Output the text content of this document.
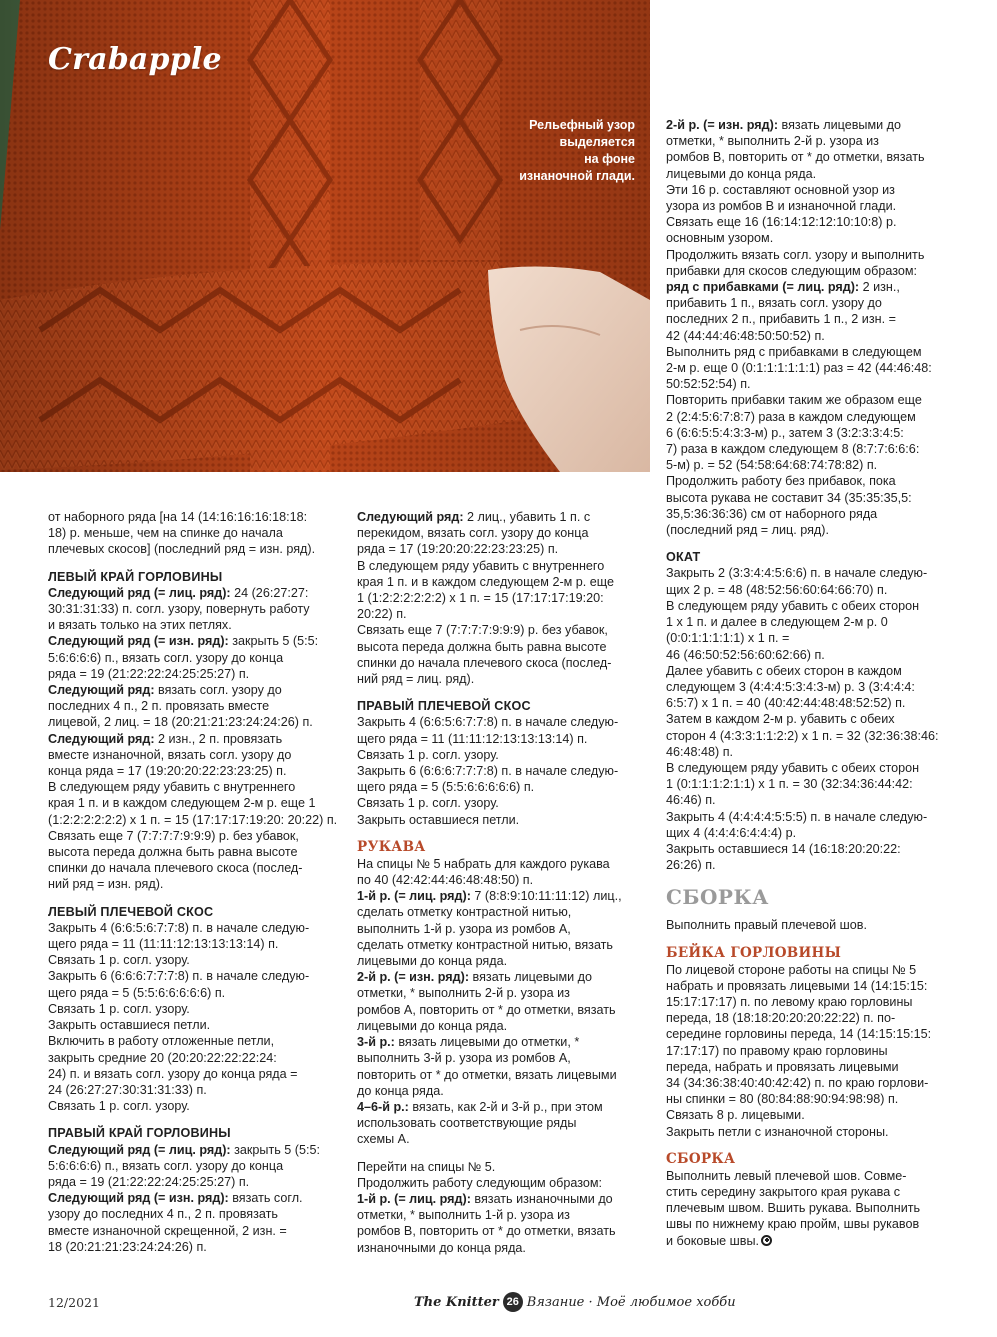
Crabapple
Рельефный узор
выделяется
на фоне
изнаночной глади.

от наборного ряда [на 14 (14:16:16:16:18:18:

18) р. меньше, чем на спинке до начала

плечевых скосов] (последний ряд = изн. ряд).

ЛЕВЫЙ КРАЙ ГОРЛОВИНЫ

Следующий ряд (= лиц. ряд): 24 (26:27:27:

30:31:31:33) п. согл. узору, повернуть работу

и вязать только на этих петлях.

Следующий ряд (= изн. ряд): закрыть 5 (5:5:

5:6:6:6:6) п., вязать согл. узору до конца

ряда = 19 (21:22:22:24:25:25:27) п.

Следующий ряд: вязать согл. узору до

последних 4 п., 2 п. провязать вместе

лицевой, 2 лиц. = 18 (20:21:21:23:24:24:26) п.

Следующий ряд: 2 изн., 2 п. провязать

вместе изнаночной, вязать согл. узору до

конца ряда = 17 (19:20:20:22:23:23:25) п.

В следующем ряду убавить с внутреннего

края 1 п. и в каждом следующем 2-м р. еще 1

(1:2:2:2:2:2:2) х 1 п. = 15 (17:17:17:19:20: 20:22) п.

Связать еще 7 (7:7:7:7:9:9:9) р. без убавок,

высота переда должна быть равна высоте

спинки до начала плечевого скоса (послед-

ний ряд = изн. ряд).

ЛЕВЫЙ ПЛЕЧЕВОЙ СКОС

Закрыть 4 (6:6:5:6:7:7:8) п. в начале следую-

щего ряда = 11 (11:11:12:13:13:13:14) п.

Связать 1 р. согл. узору.

Закрыть 6 (6:6:6:7:7:7:8) п. в начале следую-

щего ряда = 5 (5:5:6:6:6:6:6) п.

Связать 1 р. согл. узору.

Закрыть оставшиеся петли.

Включить в работу отложенные петли,

закрыть средние 20 (20:20:22:22:22:24:

24) п. и вязать согл. узору до конца ряда =

24 (26:27:27:30:31:31:33) п.

Связать 1 р. согл. узору.

ПРАВЫЙ КРАЙ ГОРЛОВИНЫ

Следующий ряд (= лиц. ряд): закрыть 5 (5:5:

5:6:6:6:6) п., вязать согл. узору до конца

ряда = 19 (21:22:22:24:25:25:27) п.

Следующий ряд (= изн. ряд): вязать согл.

узору до последних 4 п., 2 п. провязать

вместе изнаночной скрещенной, 2 изн. =

18 (20:21:21:23:24:24:26) п.

Следующий ряд: 2 лиц., убавить 1 п. с

перекидом, вязать согл. узору до конца

ряда = 17 (19:20:20:22:23:23:25) п.

В следующем ряду убавить с внутреннего

края 1 п. и в каждом следующем 2-м р. еще

1 (1:2:2:2:2:2:2) х 1 п. = 15 (17:17:17:19:20:

20:22) п.

Связать еще 7 (7:7:7:7:9:9:9) р. без убавок,

высота переда должна быть равна высоте

спинки до начала плечевого скоса (послед-

ний ряд = лиц. ряд).

ПРАВЫЙ ПЛЕЧЕВОЙ СКОС

Закрыть 4 (6:6:5:6:7:7:8) п. в начале следую-

щего ряда = 11 (11:11:12:13:13:13:14) п.

Связать 1 р. согл. узору.

Закрыть 6 (6:6:6:7:7:7:8) п. в начале следую-

щего ряда = 5 (5:5:6:6:6:6:6) п.

Связать 1 р. согл. узору.

Закрыть оставшиеся петли.

РУКАВА

На спицы № 5 набрать для каждого рукава

по 40 (42:42:44:46:48:48:50) п.

1-й р. (= лиц. ряд): 7 (8:8:9:10:11:11:12) лиц.,

сделать отметку контрастной нитью,

выполнить 1-й р. узора из ромбов А,

сделать отметку контрастной нитью, вязать

лицевыми до конца ряда.

2-й р. (= изн. ряд): вязать лицевыми до

отметки, * выполнить 2-й р. узора из

ромбов А, повторить от * до отметки, вязать

лицевыми до конца ряда.

3-й р.: вязать лицевыми до отметки, *

выполнить 3-й р. узора из ромбов А,

повторить от * до отметки, вязать лицевыми

до конца ряда.

4–6-й р.: вязать, как 2-й и 3-й р., при этом

использовать соответствующие ряды

схемы А.

Перейти на спицы № 5.

Продолжить работу следующим образом:

1-й р. (= лиц. ряд): вязать изнаночными до

отметки, * выполнить 1-й р. узора из

ромбов В, повторить от * до отметки, вязать

изнаночными до конца ряда.

2-й р. (= изн. ряд): вязать лицевыми до

отметки, * выполнить 2-й р. узора из

ромбов В, повторить от * до отметки, вязать

лицевыми до конца ряда.

Эти 16 р. составляют основной узор из

узора из ромбов В и изнаночной глади.

Связать еще 16 (16:14:12:12:10:10:8) р.

основным узором.

Продолжить вязать согл. узору и выполнить

прибавки для скосов следующим образом:

ряд с прибавками (= лиц. ряд): 2 изн.,

прибавить 1 п., вязать согл. узору до

последних 2 п., прибавить 1 п., 2 изн. =

42 (44:44:46:48:50:50:52) п.

Выполнить ряд с прибавками в следующем

2-м р. еще 0 (0:1:1:1:1:1:1) раз = 42 (44:46:48:

50:52:52:54) п.

Повторить прибавки таким же образом еще

2 (2:4:5:6:7:8:7) раза в каждом следующем

6 (6:6:5:5:4:3:3-м) р., затем 3 (3:2:3:3:4:5:

7) раза в каждом следующем 8 (8:7:7:6:6:6:

5-м) р. = 52 (54:58:64:68:74:78:82) п.

Продолжить работу без прибавок, пока

высота рукава не составит 34 (35:35:35,5:

35,5:36:36:36) см от наборного ряда

(последний ряд = лиц. ряд).

ОКАТ

Закрыть 2 (3:3:4:4:5:6:6) п. в начале следую-

щих 2 р. = 48 (48:52:56:60:64:66:70) п.

В следующем ряду убавить с обеих сторон

1 х 1 п. и далее в следующем 2-м р. 0

(0:0:1:1:1:1:1) х 1 п. =

46 (46:50:52:56:60:62:66) п.

Далее убавить с обеих сторон в каждом

следующем 3 (4:4:4:5:3:4:3-м) р. 3 (3:4:4:4:

6:5:7) х 1 п. = 40 (40:42:44:48:48:52:52) п.

Затем в каждом 2-м р. убавить с обеих

сторон 4 (4:3:3:1:1:2:2) х 1 п. = 32 (32:36:38:46:

46:48:48) п.

В следующем ряду убавить с обеих сторон

1 (0:1:1:1:2:1:1) х 1 п. = 30 (32:34:36:44:42:

46:46) п.

Закрыть 4 (4:4:4:4:5:5:5) п. в начале следую-

щих 4 (4:4:4:6:4:4:4) р.

Закрыть оставшиеся 14 (16:18:20:20:22:

26:26) п.

СБОРКА

Выполнить правый плечевой шов.

БЕЙКА ГОРЛОВИНЫ

По лицевой стороне работы на спицы № 5

набрать и провязать лицевыми 14 (14:15:15:

15:17:17:17) п. по левому краю горловины

переда, 18 (18:18:20:20:20:22:22) п. по-

середине горловины переда, 14 (14:15:15:15:

17:17:17) по правому краю горловины

переда, набрать и провязать лицевыми

34 (34:36:38:40:40:42:42) п. по краю горлови-

ны спинки = 80 (80:84:88:90:94:98:98) п.

Связать 8 р. лицевыми.

Закрыть петли с изнаночной стороны.

СБОРКА

Выполнить левый плечевой шов. Совме-

стить середину закрытого края рукава с

плечевым швом. Вшить рукава. Выполнить

швы по нижнему краю пройм, швы рукавов

и боковые швы.

12/2021	The Knitter 26 Вязание · Моё любимое хобби
